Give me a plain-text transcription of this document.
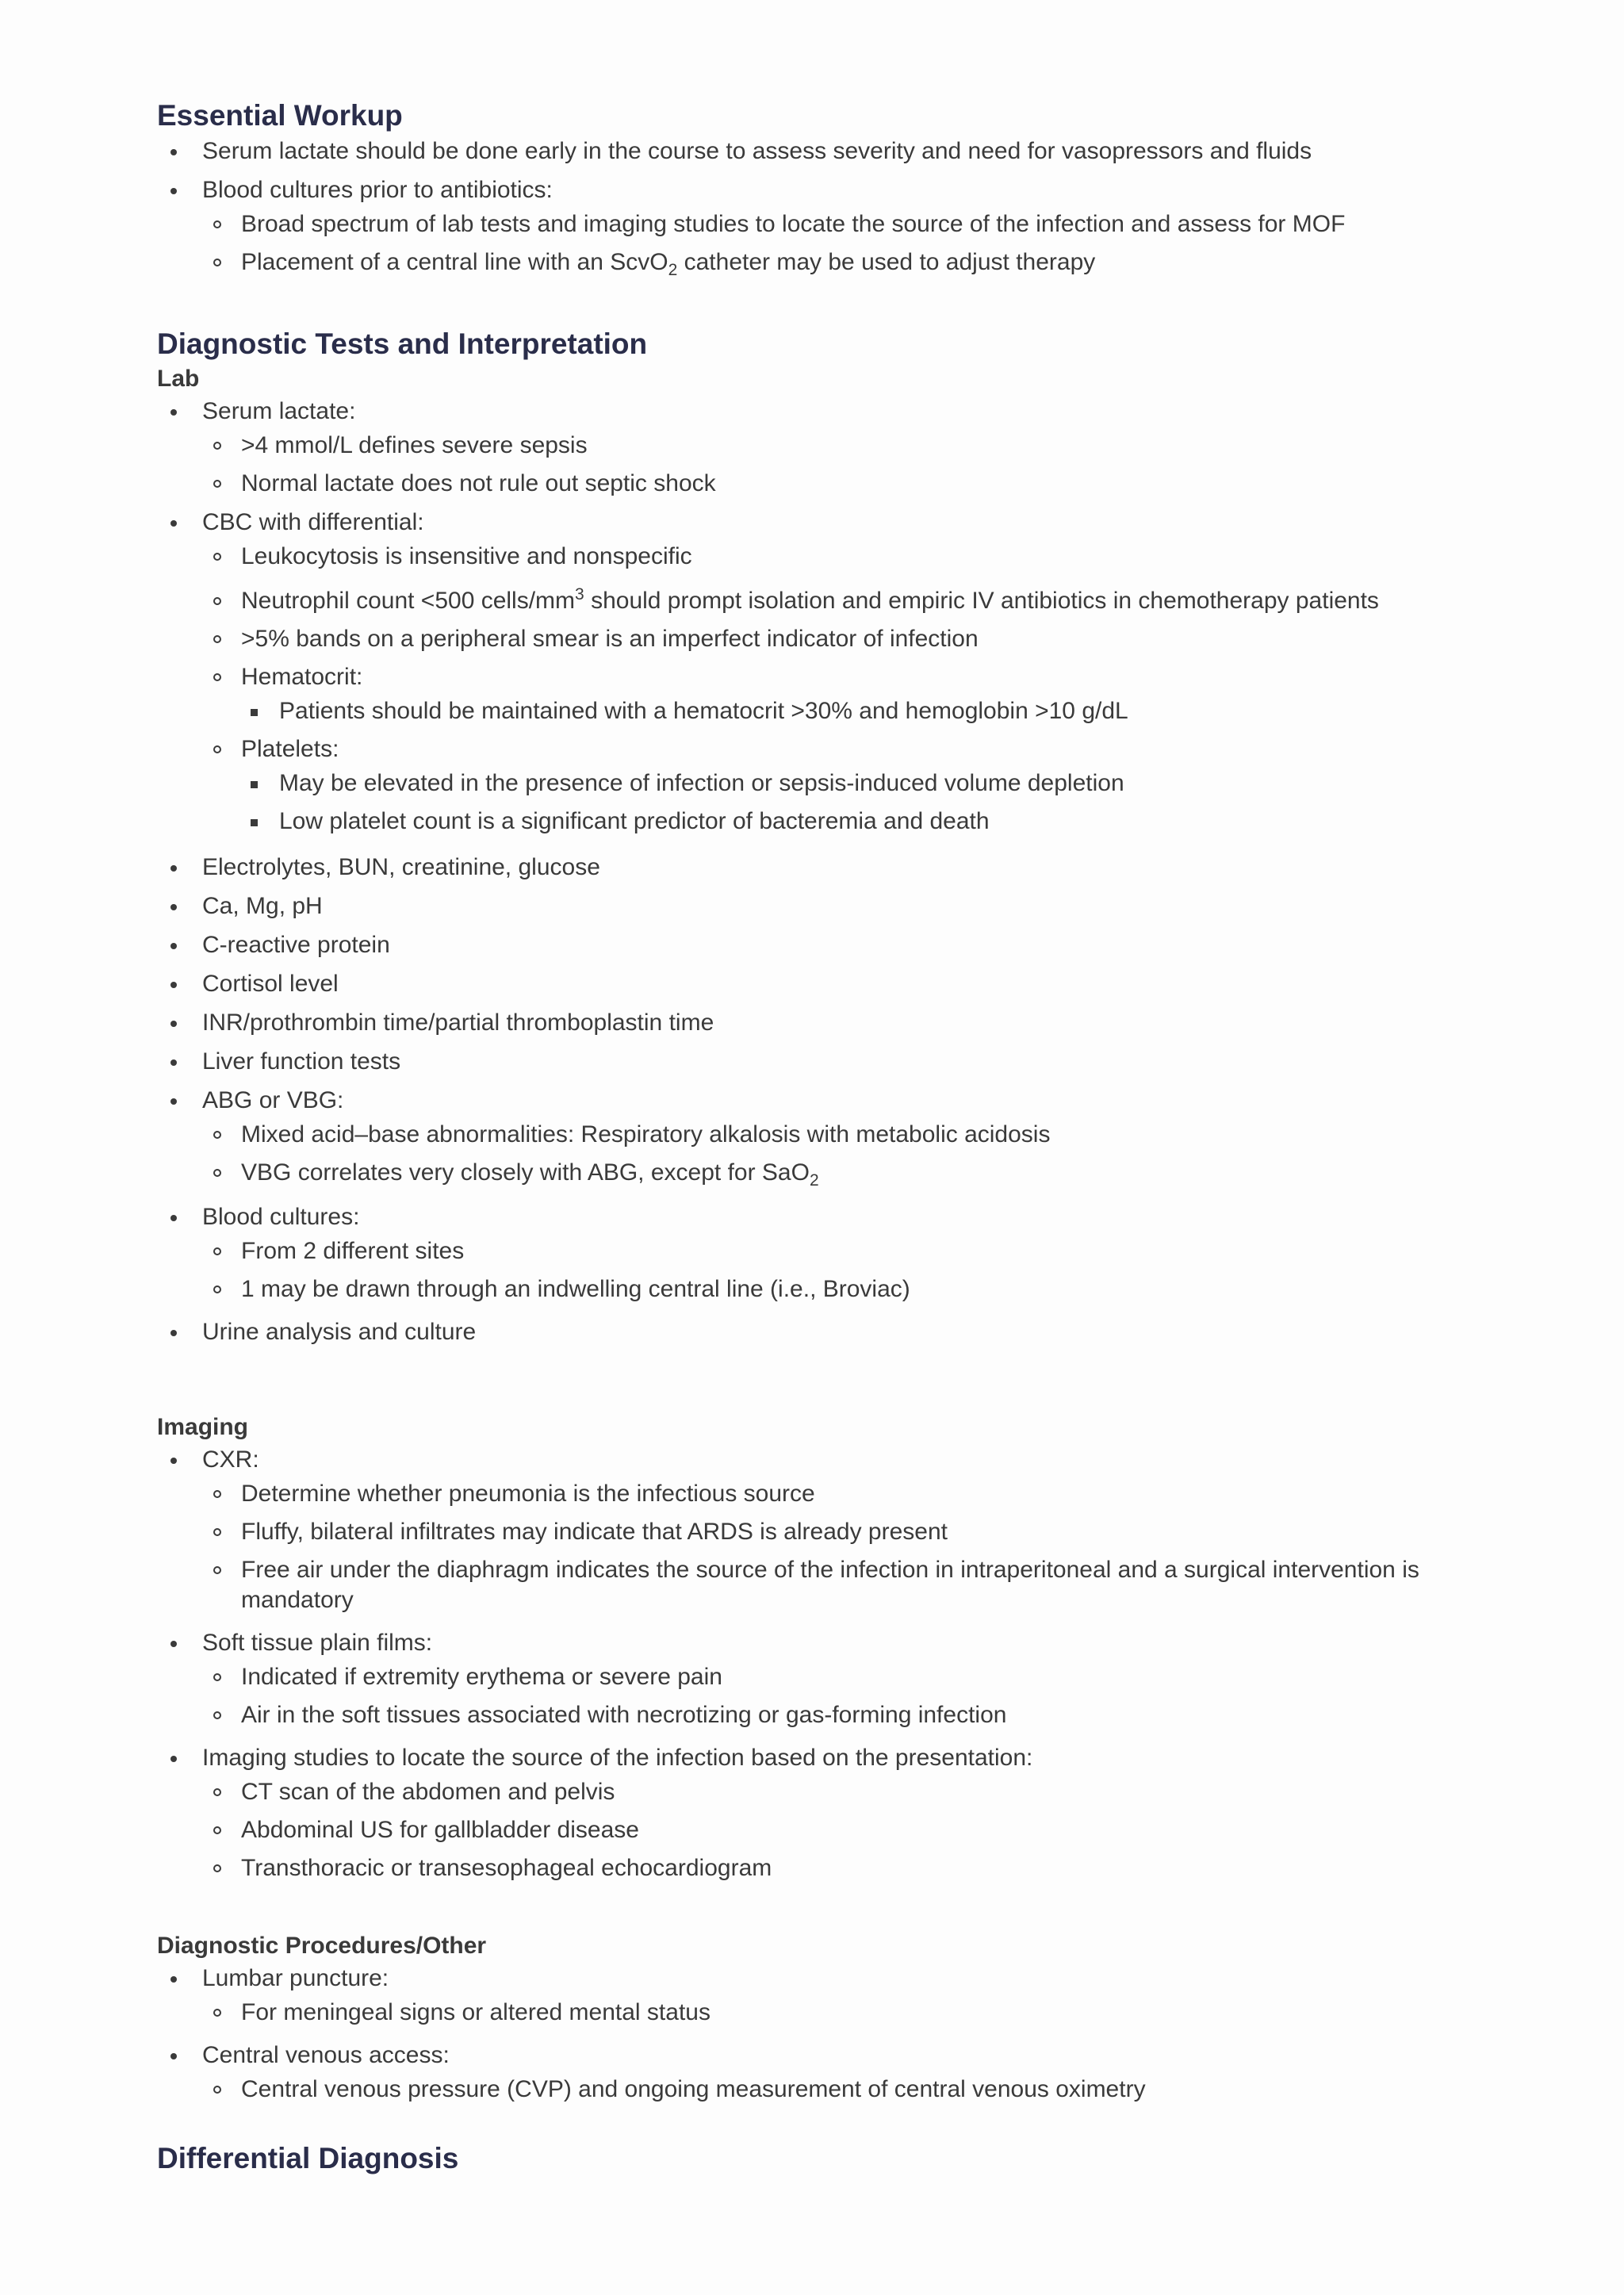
Essential Workup
Serum lactate should be done early in the course to assess severity and need for vasopressors and fluids
Blood cultures prior to antibiotics:
Broad spectrum of lab tests and imaging studies to locate the source of the infection and assess for MOF
Placement of a central line with an ScvO$_2$ catheter may be used to adjust therapy
Diagnostic Tests and Interpretation
Lab
Serum lactate:
>4 mmol/L defines severe sepsis
Normal lactate does not rule out septic shock
CBC with differential:
Leukocytosis is insensitive and nonspecific
Neutrophil count <500 cells/$mm^3$ should prompt isolation and empiric IV antibiotics in chemotherapy patients
>5% bands on a peripheral smear is an imperfect indicator of infection
Hematocrit:
Patients should be maintained with a hematocrit >30% and hemoglobin >10 g/dL
Platelets:
May be elevated in the presence of infection or sepsis-induced volume depletion
Low platelet count is a significant predictor of bacteremia and death
Electrolytes, BUN, creatinine, glucose
Ca, Mg, pH
C-reactive protein
Cortisol level
INR/prothrombin time/partial thromboplastin time
Liver function tests
ABG or VBG:
Mixed acid–base abnormalities: Respiratory alkalosis with metabolic acidosis
VBG correlates very closely with ABG, except for SaO$_2$
Blood cultures:
From 2 different sites
1 may be drawn through an indwelling central line (i.e., Broviac)
Urine analysis and culture
Imaging
CXR:
Determine whether pneumonia is the infectious source
Fluffy, bilateral infiltrates may indicate that ARDS is already present
Free air under the diaphragm indicates the source of the infection in intraperitoneal and a surgical intervention is mandatory
Soft tissue plain films:
Indicated if extremity erythema or severe pain
Air in the soft tissues associated with necrotizing or gas-forming infection
Imaging studies to locate the source of the infection based on the presentation:
CT scan of the abdomen and pelvis
Abdominal US for gallbladder disease
Transthoracic or transesophageal echocardiogram
Diagnostic Procedures/Other
Lumbar puncture:
For meningeal signs or altered mental status
Central venous access:
Central venous pressure (CVP) and ongoing measurement of central venous oximetry
Differential Diagnosis
